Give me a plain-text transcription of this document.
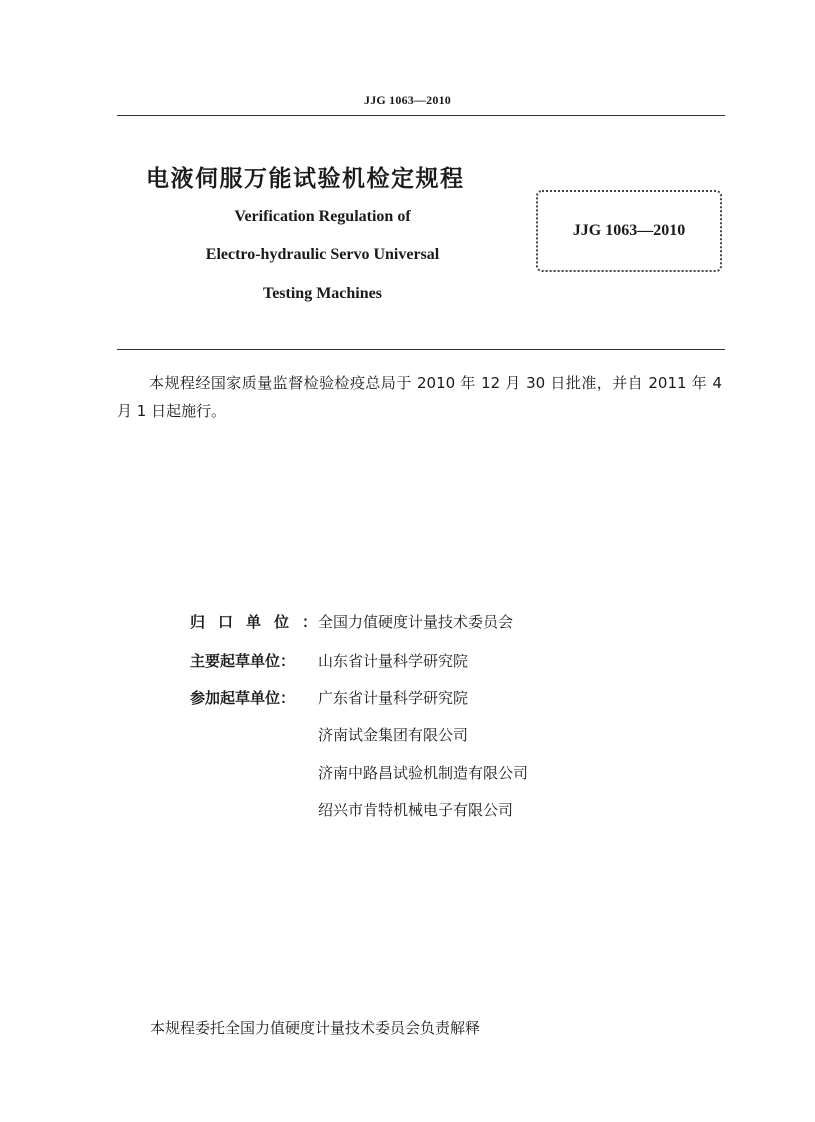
JJG 1063—2010
电液伺服万能试验机检定规程
Verification Regulation of
Electro-hydraulic Servo Universal
Testing Machines
JJG 1063—2010
本规程经国家质量监督检验检疫总局于 2010 年 12 月 30 日批准，并自 2011 年 4 月 1 日起施行。
归口单位：
全国力值硬度计量技术委员会
主要起草单位：	山东省计量科学研究院
参加起草单位：	广东省计量科学研究院
济南试金集团有限公司
济南中路昌试验机制造有限公司
绍兴市肯特机械电子有限公司
本规程委托全国力值硬度计量技术委员会负责解释
